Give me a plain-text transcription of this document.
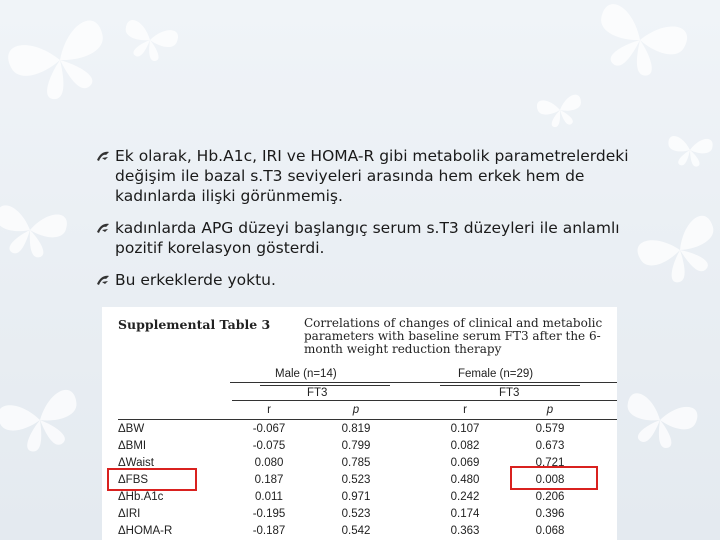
Ek olarak, Hb.A1c, IRI ve HOMA-R gibi metabolik parametrelerdeki değişim ile bazal s.T3 seviyeleri arasında hem erkek hem de kadınlarda ilişki görünmemiş.
kadınlarda APG düzeyi başlangıç serum s.T3 düzeyleri ile anlamlı pozitif korelasyon gösterdi.
Bu erkeklerde yoktu.
Supplemental Table 3	Correlations of changes of clinical and metabolic parameters with baseline serum FT3 after the 6-month weight reduction therapy
Male (n=14)	Female (n=29)
FT3	FT3
r	p	r	p
ΔBW	-0.067	0.819	0.107	0.579
ΔBMI	-0.075	0.799	0.082	0.673
ΔWaist	0.080	0.785	0.069	0.721
ΔFBS	0.187	0.523	0.480	0.008
ΔHb.A1c	0.011	0.971	0.242	0.206
ΔIRI	-0.195	0.523	0.174	0.396
ΔHOMA-R	-0.187	0.542	0.363	0.068
